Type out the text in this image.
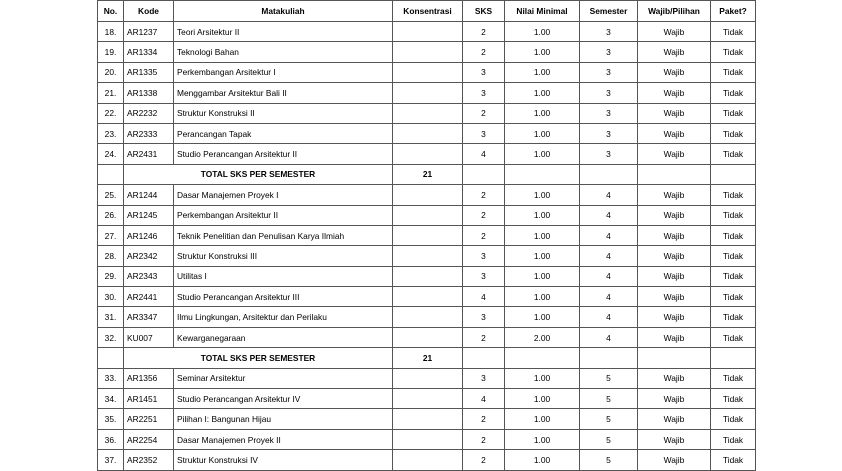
No.	Kode	Matakuliah	Konsentrasi	SKS	Nilai Minimal	Semester	Wajib/Pilihan	Paket?
18.	AR1237	Teori Arsitektur II		2	1.00	3	Wajib	Tidak
19.	AR1334	Teknologi Bahan		2	1.00	3	Wajib	Tidak
20.	AR1335	Perkembangan Arsitektur I		3	1.00	3	Wajib	Tidak
21.	AR1338	Menggambar Arsitektur Bali II		3	1.00	3	Wajib	Tidak
22.	AR2232	Struktur Konstruksi II		2	1.00	3	Wajib	Tidak
23.	AR2333	Perancangan Tapak		3	1.00	3	Wajib	Tidak
24.	AR2431	Studio Perancangan Arsitektur II		4	1.00	3	Wajib	Tidak
	TOTAL SKS PER SEMESTER		21					
25.	AR1244	Dasar Manajemen Proyek I		2	1.00	4	Wajib	Tidak
26.	AR1245	Perkembangan Arsitektur II		2	1.00	4	Wajib	Tidak
27.	AR1246	Teknik Penelitian dan Penulisan Karya Ilmiah		2	1.00	4	Wajib	Tidak
28.	AR2342	Struktur Konstruksi III		3	1.00	4	Wajib	Tidak
29.	AR2343	Utilitas I		3	1.00	4	Wajib	Tidak
30.	AR2441	Studio Perancangan Arsitektur III		4	1.00	4	Wajib	Tidak
31.	AR3347	Ilmu Lingkungan, Arsitektur dan Perilaku		3	1.00	4	Wajib	Tidak
32.	KU007	Kewarganegaraan		2	2.00	4	Wajib	Tidak
	TOTAL SKS PER SEMESTER		21					
33.	AR1356	Seminar Arsitektur		3	1.00	5	Wajib	Tidak
34.	AR1451	Studio Perancangan Arsitektur IV		4	1.00	5	Wajib	Tidak
35.	AR2251	Pilihan I: Bangunan Hijau		2	1.00	5	Wajib	Tidak
36.	AR2254	Dasar Manajemen Proyek II		2	1.00	5	Wajib	Tidak
37.	AR2352	Struktur Konstruksi IV		2	1.00	5	Wajib	Tidak
